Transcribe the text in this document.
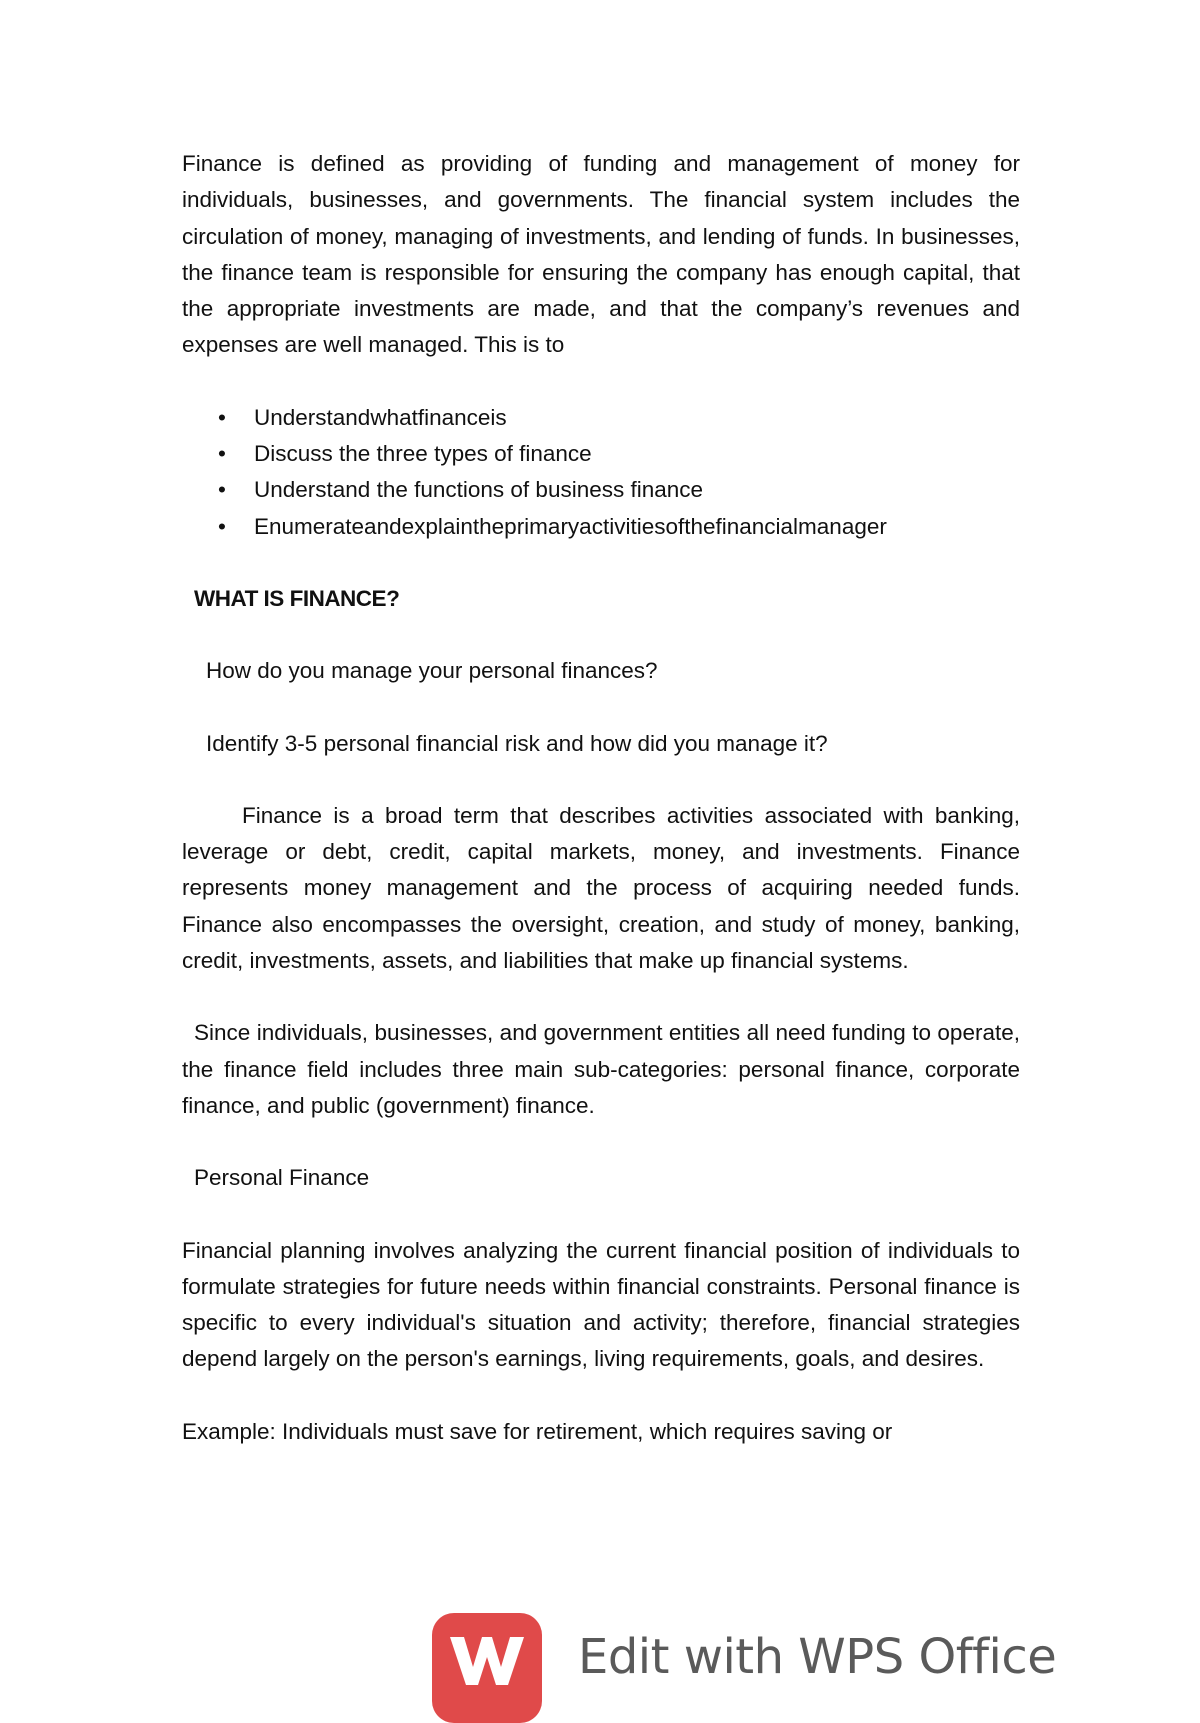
Finance is defined as providing of funding and management of money for individuals, businesses, and governments. The financial system includes the circulation of money, managing of investments, and lending of funds. In businesses, the finance team is responsible for ensuring the company has enough capital, that the appropriate investments are made, and that the company’s revenues and expenses are well managed. This is to

• Understandwhatfinanceis
• Discuss the three types of finance
• Understand the functions of business finance
• Enumerateandexplaintheprimaryactivitiesofthefinancialmanager

WHAT IS FINANCE?

How do you manage your personal finances?

Identify 3-5 personal financial risk and how did you manage it?

Finance is a broad term that describes activities associated with banking, leverage or debt, credit, capital markets, money, and investments. Finance represents money management and the process of acquiring needed funds. Finance also encompasses the oversight, creation, and study of money, banking, credit, investments, assets, and liabilities that make up financial systems.

Since individuals, businesses, and government entities all need funding to operate, the finance field includes three main sub-categories: personal finance, corporate finance, and public (government) finance.

Personal Finance

Financial planning involves analyzing the current financial position of individuals to formulate strategies for future needs within financial constraints. Personal finance is specific to every individual's situation and activity; therefore, financial strategies depend largely on the person's earnings, living requirements, goals, and desires.

Example: Individuals must save for retirement, which requires saving or

Edit with WPS Office
